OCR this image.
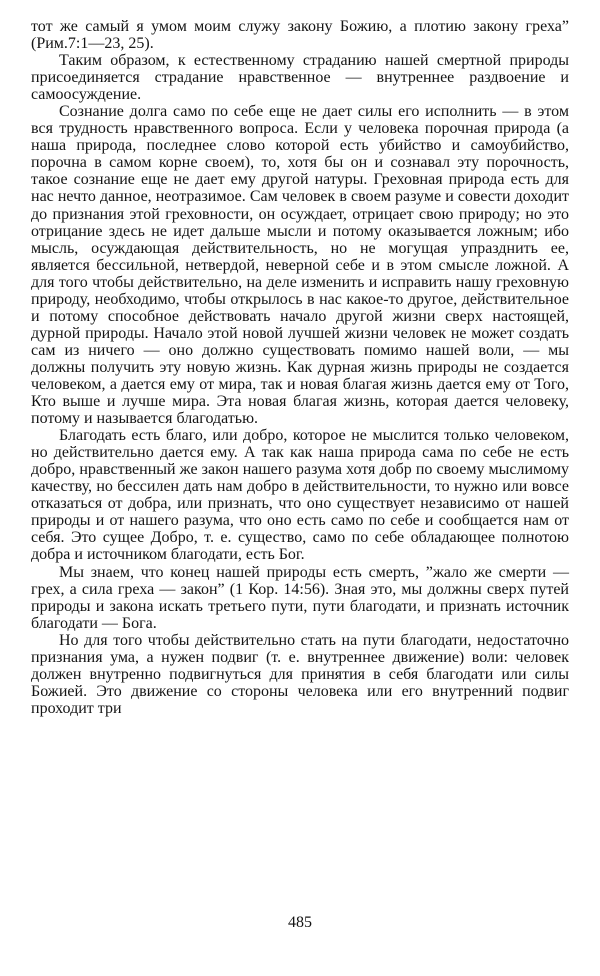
тот же самый я умом моим служу закону Божию, а плотию закону греха” (Рим.7:1—23, 25).

Таким образом, к естественному страданию нашей смертной природы присоединяется страдание нравственное — внутреннее раздвоение и самоосуждение.

Сознание долга само по себе еще не дает силы его исполнить — в этом вся трудность нравственного вопроса. Если у человека порочная природа (а наша природа, последнее слово которой есть убийство и самоубийство, порочна в самом корне своем), то, хотя бы он и сознавал эту порочность, такое сознание еще не дает ему другой натуры. Греховная природа есть для нас нечто данное, неотразимое. Сам человек в своем разуме и совести доходит до признания этой греховности, он осуждает, отрицает свою природу; но это отрицание здесь не идет дальше мысли и потому оказывается ложным; ибо мысль, осуждающая действительность, но не могущая упразднить ее, является бессильной, нетвердой, неверной себе и в этом смысле ложной. А для того чтобы действительно, на деле изменить и исправить нашу греховную природу, необходимо, чтобы открылось в нас какое-то другое, действительное и потому способное действовать начало другой жизни сверх настоящей, дурной природы. Начало этой новой лучшей жизни человек не может создать сам из ничего — оно должно существовать помимо нашей воли, — мы должны получить эту новую жизнь. Как дурная жизнь природы не создается человеком, а дается ему от мира, так и новая благая жизнь дается ему от Того, Кто выше и лучше мира. Эта новая благая жизнь, которая дается человеку, потому и называется благодатью.

Благодать есть благо, или добро, которое не мыслится только человеком, но действительно дается ему. А так как наша природа сама по себе не есть добро, нравственный же закон нашего разума хотя добр по своему мыслимому качеству, но бессилен дать нам добро в действительности, то нужно или вовсе отказаться от добра, или признать, что оно существует независимо от нашей природы и от нашего разума, что оно есть само по себе и сообщается нам от себя. Это сущее Добро, т. е. существо, само по себе обладающее полнотою добра и источником благодати, есть Бог.

Мы знаем, что конец нашей природы есть смерть, ”жало же смерти — грех, а сила греха — закон” (1 Кор. 14:56). Зная это, мы должны сверх путей природы и закона искать третьего пути, пути благодати, и признать источник благодати — Бога.

Но для того чтобы действительно стать на пути благодати, недостаточно признания ума, а нужен подвиг (т. е. внутреннее движение) воли: человек должен внутренно подвигнуться для принятия в себя благодати или силы Божией. Это движение со стороны человека или его внутренний подвиг проходит три

485
